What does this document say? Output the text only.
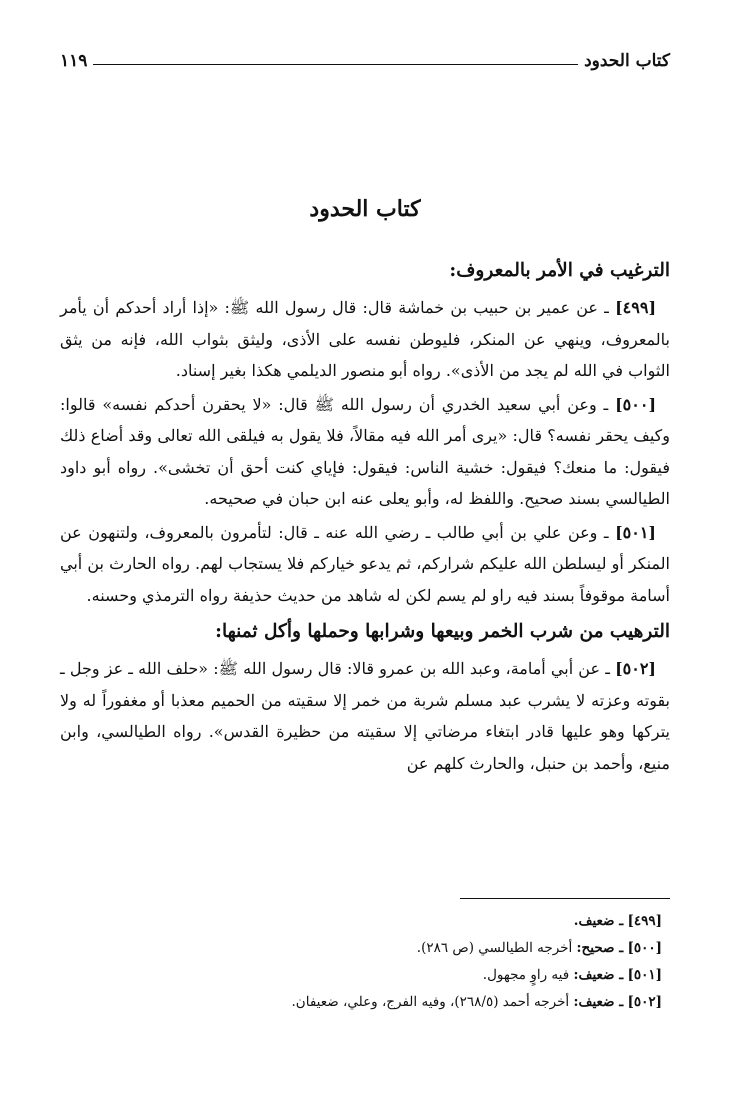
كتاب الحدود
١١٩
كتاب الحدود
الترغيب في الأمر بالمعروف:

[٤٩٩] ـ عن عمير بن حبيب بن خماشة قال: قال رسول الله ﷺ: «إذا أراد أحدكم أن يأمر بالمعروف، وينهي عن المنكر، فليوطن نفسه على الأذى، وليثق بثواب الله، فإنه من يثق الثواب في الله لم يجد من الأذى». رواه أبو منصور الديلمي هكذا بغير إسناد.

[٥٠٠] ـ وعن أبي سعيد الخدري أن رسول الله ﷺ قال: «لا يحقرن أحدكم نفسه» قالوا: وكيف يحقر نفسه؟ قال: «يرى أمر الله فيه مقالاً، فلا يقول به فيلقى الله تعالى وقد أضاع ذلك فيقول: ما منعك؟ فيقول: خشية الناس: فيقول: فإياي كنت أحق أن تخشى». رواه أبو داود الطيالسي بسند صحيح. واللفظ له، وأبو يعلى عنه ابن حبان في صحيحه.

[٥٠١] ـ وعن علي بن أبي طالب ـ رضي الله عنه ـ قال: لتأمرون بالمعروف، ولتنهون عن المنكر أو ليسلطن الله عليكم شراركم، ثم يدعو خياركم فلا يستجاب لهم. رواه الحارث بن أبي أسامة موقوفاً بسند فيه راو لم يسم لكن له شاهد من حديث حذيفة رواه الترمذي وحسنه.

الترهيب من شرب الخمر وبيعها وشرابها وحملها وأكل ثمنها:

[٥٠٢] ـ عن أبي أمامة، وعبد الله بن عمرو قالا: قال رسول الله ﷺ: «حلف الله ـ عز وجل ـ بقوته وعزته لا يشرب عبد مسلم شربة من خمر إلا سقيته من الحميم معذبا أو مغفوراً له ولا يتركها وهو عليها قادر ابتغاء مرضاتي إلا سقيته من حظيرة القدس». رواه الطيالسي، وابن منيع، وأحمد بن حنبل، والحارث كلهم عن

[٤٩٩] ـ ضعيف.
[٥٠٠] ـ صحيح: أخرجه الطيالسي (ص ٢٨٦).
[٥٠١] ـ ضعيف: فيه راوٍ مجهول.
[٥٠٢] ـ ضعيف: أخرجه أحمد (٢٦٨/٥)، وفيه الفرج، وعلي، ضعيفان.
